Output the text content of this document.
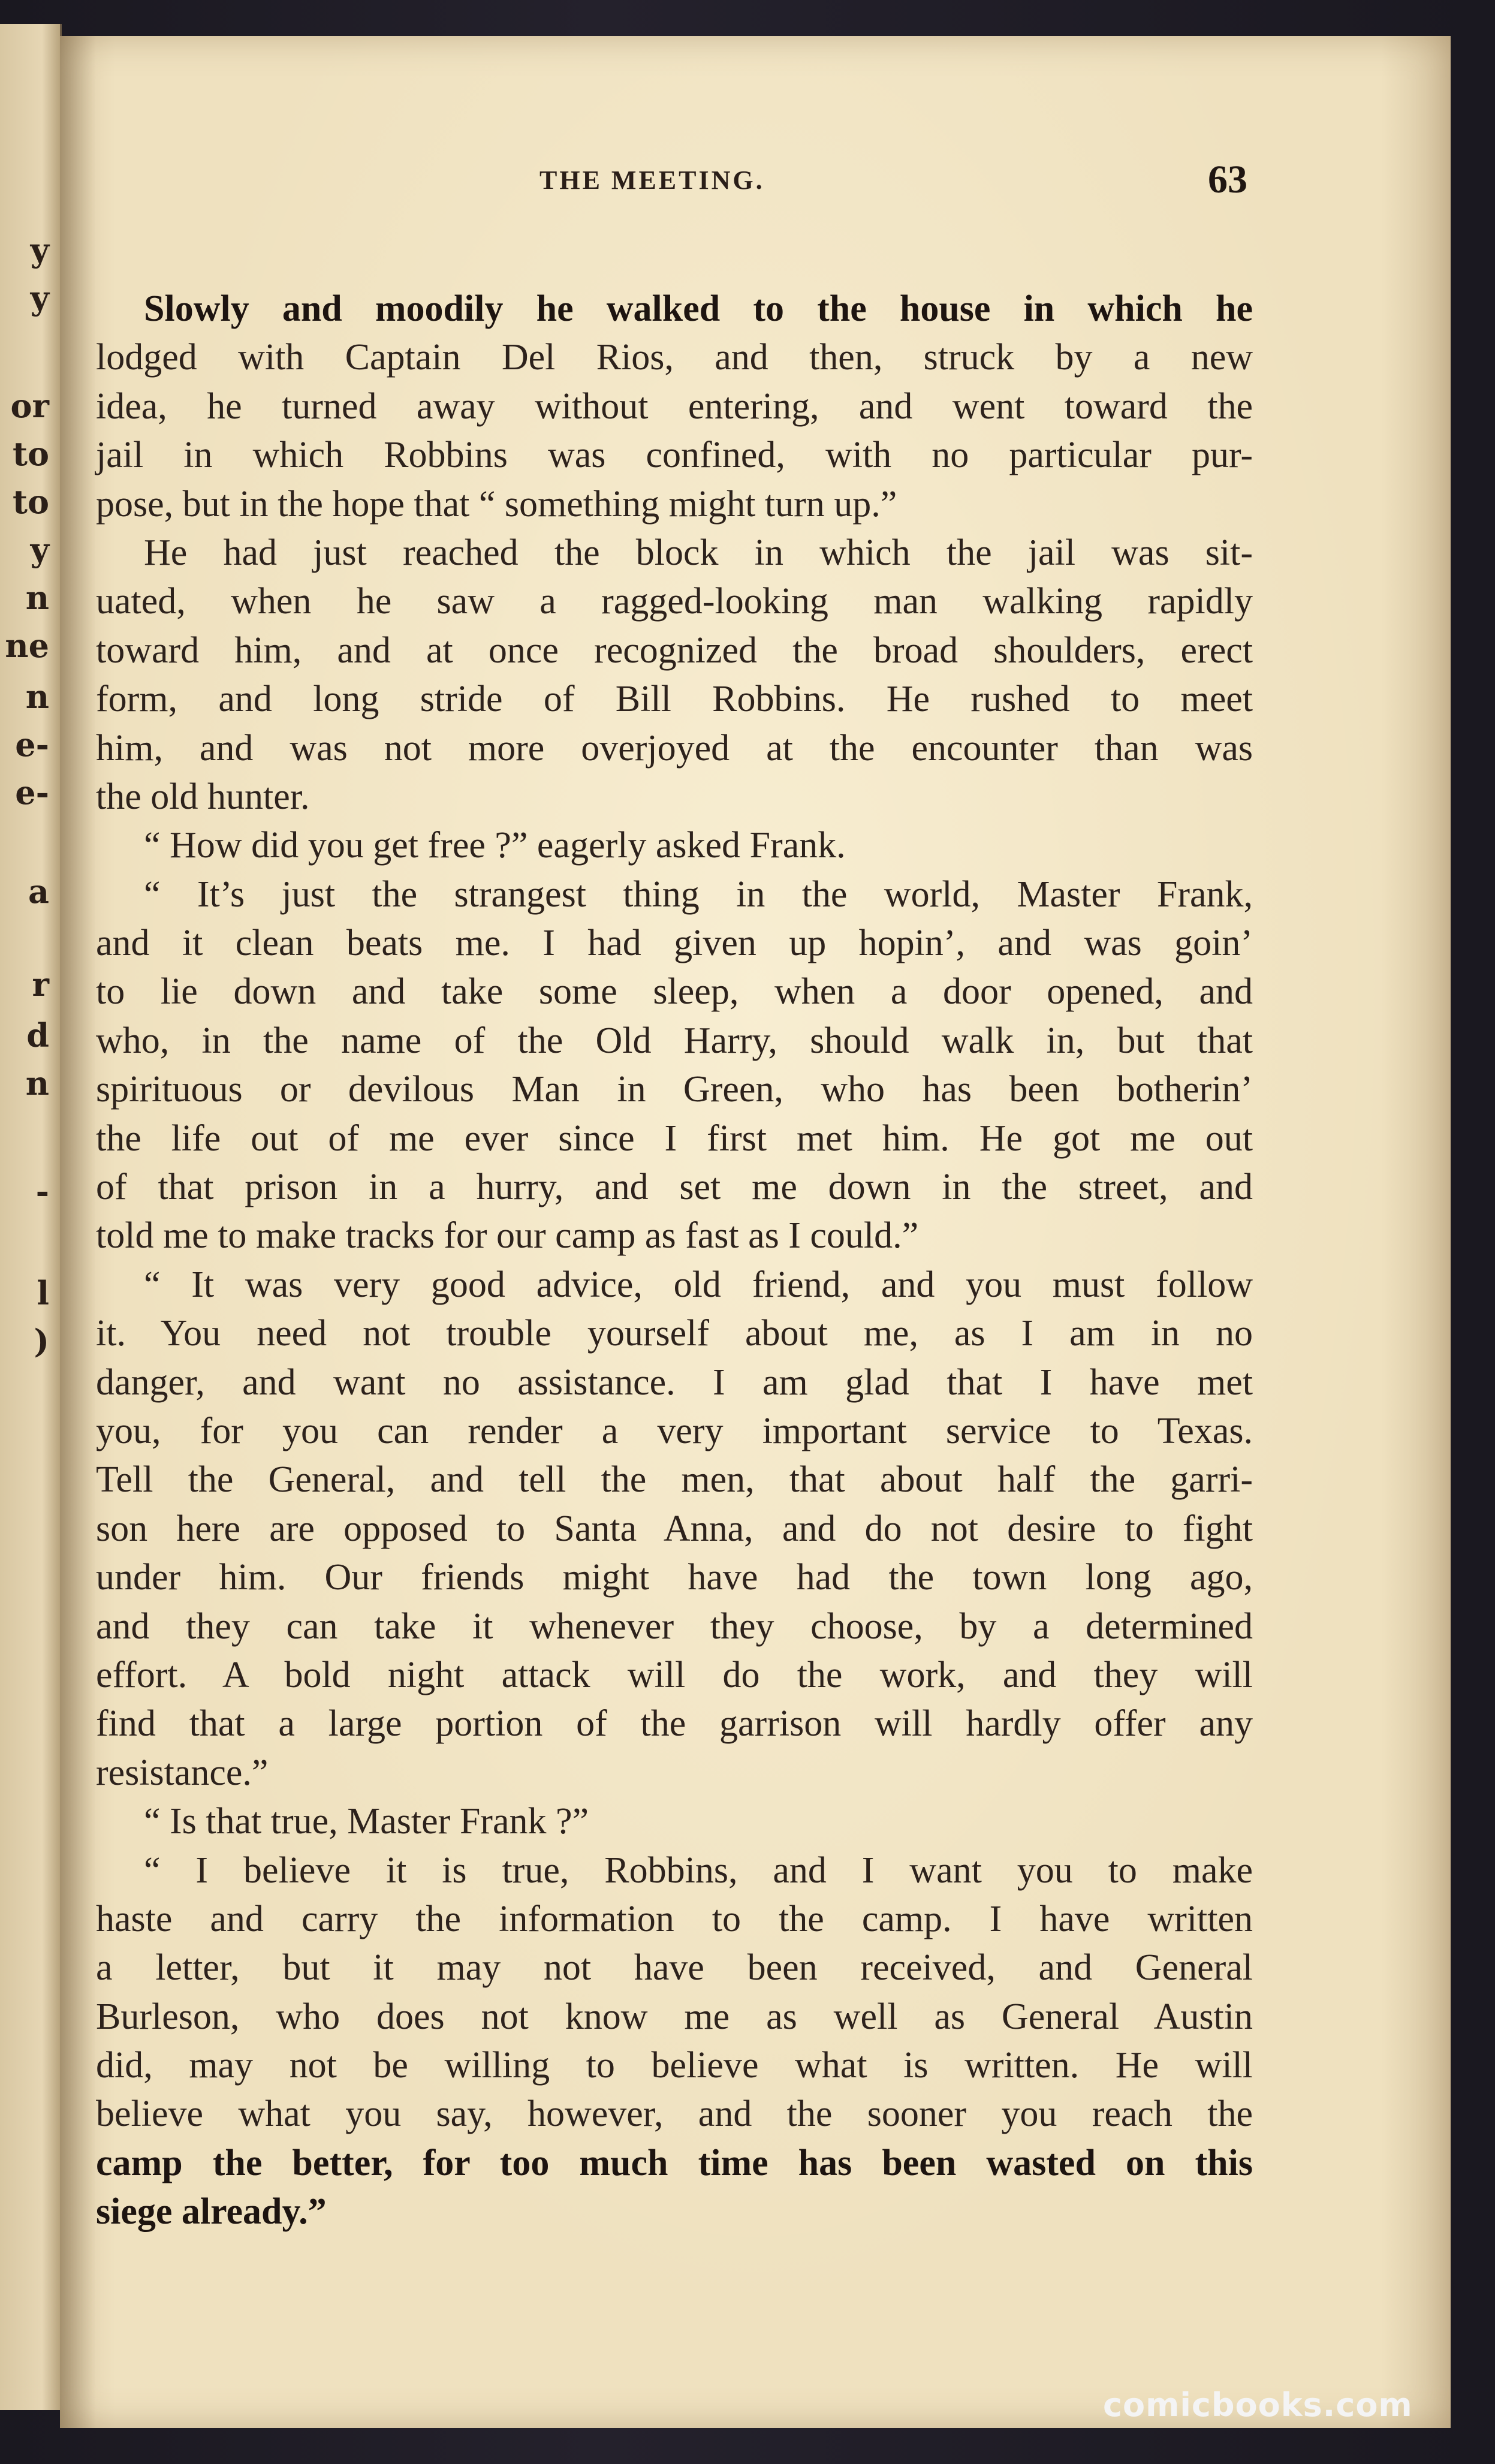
y
y
or
to
to
y
n
ne
n
e-
e-
a
r
d
n
-
l
)
THE MEETING.	63
Slowly and moodily he walked to the house in which he
lodged with Captain Del Rios, and then, struck by a new
idea, he turned away without entering, and went toward the
jail in which Robbins was confined, with no particular pur-
pose, but in the hope that “ something might turn up.”
He had just reached the block in which the jail was sit-
uated, when he saw a ragged-looking man walking rapidly
toward him, and at once recognized the broad shoulders, erect
form, and long stride of Bill Robbins. He rushed to meet
him, and was not more overjoyed at the encounter than was
the old hunter.
“ How did you get free ?” eagerly asked Frank.
“ It’s just the strangest thing in the world, Master Frank,
and it clean beats me. I had given up hopin’, and was goin’
to lie down and take some sleep, when a door opened, and
who, in the name of the Old Harry, should walk in, but that
spirituous or devilous Man in Green, who has been botherin’
the life out of me ever since I first met him. He got me out
of that prison in a hurry, and set me down in the street, and
told me to make tracks for our camp as fast as I could.”
“ It was very good advice, old friend, and you must follow
it. You need not trouble yourself about me, as I am in no
danger, and want no assistance. I am glad that I have met
you, for you can render a very important service to Texas.
Tell the General, and tell the men, that about half the garri-
son here are opposed to Santa Anna, and do not desire to fight
under him. Our friends might have had the town long ago,
and they can take it whenever they choose, by a determined
effort. A bold night attack will do the work, and they will
find that a large portion of the garrison will hardly offer any
resistance.”
“ Is that true, Master Frank ?”
“ I believe it is true, Robbins, and I want you to make
haste and carry the information to the camp. I have written
a letter, but it may not have been received, and General
Burleson, who does not know me as well as General Austin
did, may not be willing to believe what is written. He will
believe what you say, however, and the sooner you reach the
camp the better, for too much time has been wasted on this
siege already.”
comicbooks.com
